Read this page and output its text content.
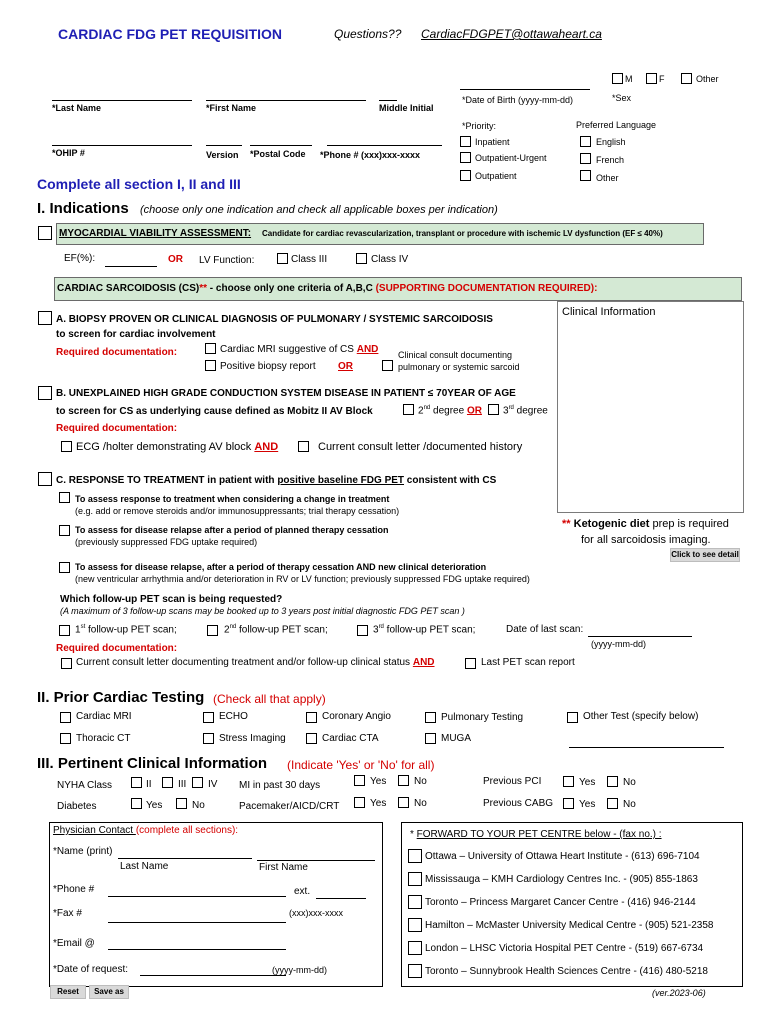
CARDIAC FDG PET REQUISITION	Questions?? CardiacFDGPET@ottawaheart.ca
M	F	Other
*Last Name	*First Name	Middle Initial
*Date of Birth (yyyy-mm-dd)	*Sex
*OHIP #	Version *Postal Code *Phone # (xxx)xxx-xxxx
*Priority:
Inpatient
Outpatient-Urgent
Outpatient
Preferred Language
English
French
Other
Complete all section I, II and III
I. Indications (choose only one indication and check all applicable boxes per indication)
MYOCARDIAL VIABILITY ASSESSMENT: Candidate for cardiac revascularization, transplant or procedure with ischemic LV dysfunction (EF ≤ 40%)
EF(%):	OR LV Function:	Class III	Class IV
CARDIAC SARCOIDOSIS (CS)** - choose only one criteria of A,B,C (SUPPORTING DOCUMENTATION REQUIRED):
Clinical Information
A. BIOPSY PROVEN OR CLINICAL DIAGNOSIS OF PULMONARY / SYSTEMIC SARCOIDOSIS
to screen for cardiac involvement
Required documentation:	Cardiac MRI suggestive of CS AND
Positive biopsy report OR
Clinical consult documenting
pulmonary or systemic sarcoid
B. UNEXPLAINED HIGH GRADE CONDUCTION SYSTEM DISEASE IN PATIENT ≤ 70YEAR OF AGE
to screen for CS as underlying cause defined as Mobitz II AV Block	2nd degree OR 3rd degree
Required documentation:
ECG /holter demonstrating AV block AND	Current consult letter /documented history
C. RESPONSE TO TREATMENT in patient with positive baseline FDG PET consistent with CS
To assess response to treatment when considering a change in treatment
(e.g. add or remove steroids and/or immunosuppressants; trial therapy cessation)
To assess for disease relapse after a period of planned therapy cessation
(previously suppressed FDG uptake required)
To assess for disease relapse, after a period of therapy cessation AND new clinical deterioration
(new ventricular arrhythmia and/or deterioration in RV or LV function; previously suppressed FDG uptake required)
** Ketogenic diet prep is required
for all sarcoidosis imaging.
Click to see detail
Which follow-up PET scan is being requested?
(A maximum of 3 follow-up scans may be booked up to 3 years post initial diagnostic FDG PET scan )
1st follow-up PET scan;	2nd follow-up PET scan;	3rd follow-up PET scan;	Date of last scan:
(yyyy-mm-dd)
Required documentation:
Current consult letter documenting treatment and/or follow-up clinical status AND	Last PET scan report
II. Prior Cardiac Testing (Check all that apply)
Cardiac MRI	ECHO	Coronary Angio	Pulmonary Testing	Other Test (specify below)
Thoracic CT	Stress Imaging	Cardiac CTA	MUGA
III. Pertinent Clinical Information (Indicate 'Yes' or 'No' for all)
NYHA Class	II	III IV MI in past 30 days	Yes	No	Previous PCI	Yes	No
Diabetes	Yes	No	Pacemaker/AICD/CRT	Yes	No	Previous CABG	Yes	No
Physician Contact (complete all sections):
*Name (print)
Last Name	First Name
*Phone #	ext.
(xxx)xxx-xxxx
*Fax #
*Email @
*Date of request:	(yyyy-mm-dd)
* FORWARD TO YOUR PET CENTRE below - (fax no.) :
Ottawa – University of Ottawa Heart Institute - (613) 696-7104
Mississauga – KMH Cardiology Centres Inc. - (905) 855-1863
Toronto – Princess Margaret Cancer Centre - (416) 946-2144
Hamilton – McMaster University Medical Centre - (905) 521-2358
London – LHSC Victoria Hospital PET Centre - (519) 667-6734
Toronto – Sunnybrook Health Sciences Centre - (416) 480-5218
Reset	Save as	(ver.2023-06)
